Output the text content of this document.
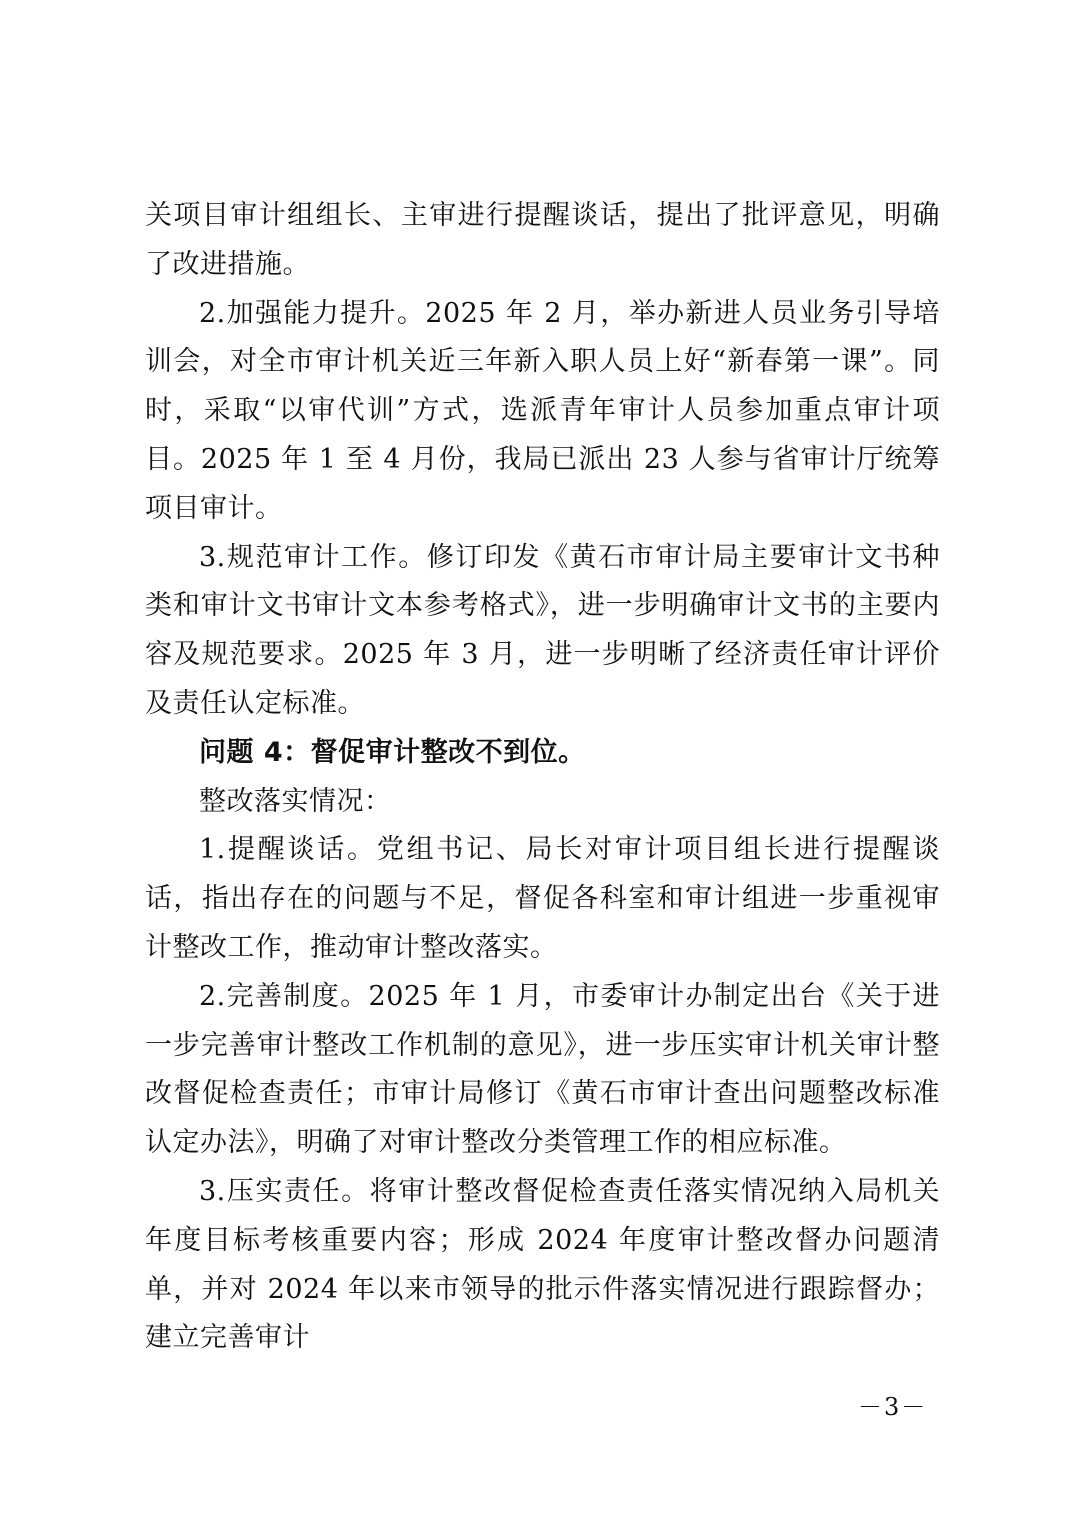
关项目审计组组长、主审进行提醒谈话，提出了批评意见，明确了改进措施。

2.加强能力提升。2025 年 2 月，举办新进人员业务引导培训会，对全市审计机关近三年新入职人员上好“新春第一课”。同时，采取“以审代训”方式，选派青年审计人员参加重点审计项目。2025 年 1 至 4 月份，我局已派出 23 人参与省审计厅统筹项目审计。

3.规范审计工作。修订印发《黄石市审计局主要审计文书种类和审计文书审计文本参考格式》，进一步明确审计文书的主要内容及规范要求。2025 年 3 月，进一步明晰了经济责任审计评价及责任认定标准。

问题 4：督促审计整改不到位。

整改落实情况：

1.提醒谈话。党组书记、局长对审计项目组长进行提醒谈话，指出存在的问题与不足，督促各科室和审计组进一步重视审计整改工作，推动审计整改落实。

2.完善制度。2025 年 1 月，市委审计办制定出台《关于进一步完善审计整改工作机制的意见》，进一步压实审计机关审计整改督促检查责任；市审计局修订《黄石市审计查出问题整改标准认定办法》，明确了对审计整改分类管理工作的相应标准。

3.压实责任。将审计整改督促检查责任落实情况纳入局机关年度目标考核重要内容；形成 2024 年度审计整改督办问题清单，并对 2024 年以来市领导的批示件落实情况进行跟踪督办；建立完善审计

－3－
